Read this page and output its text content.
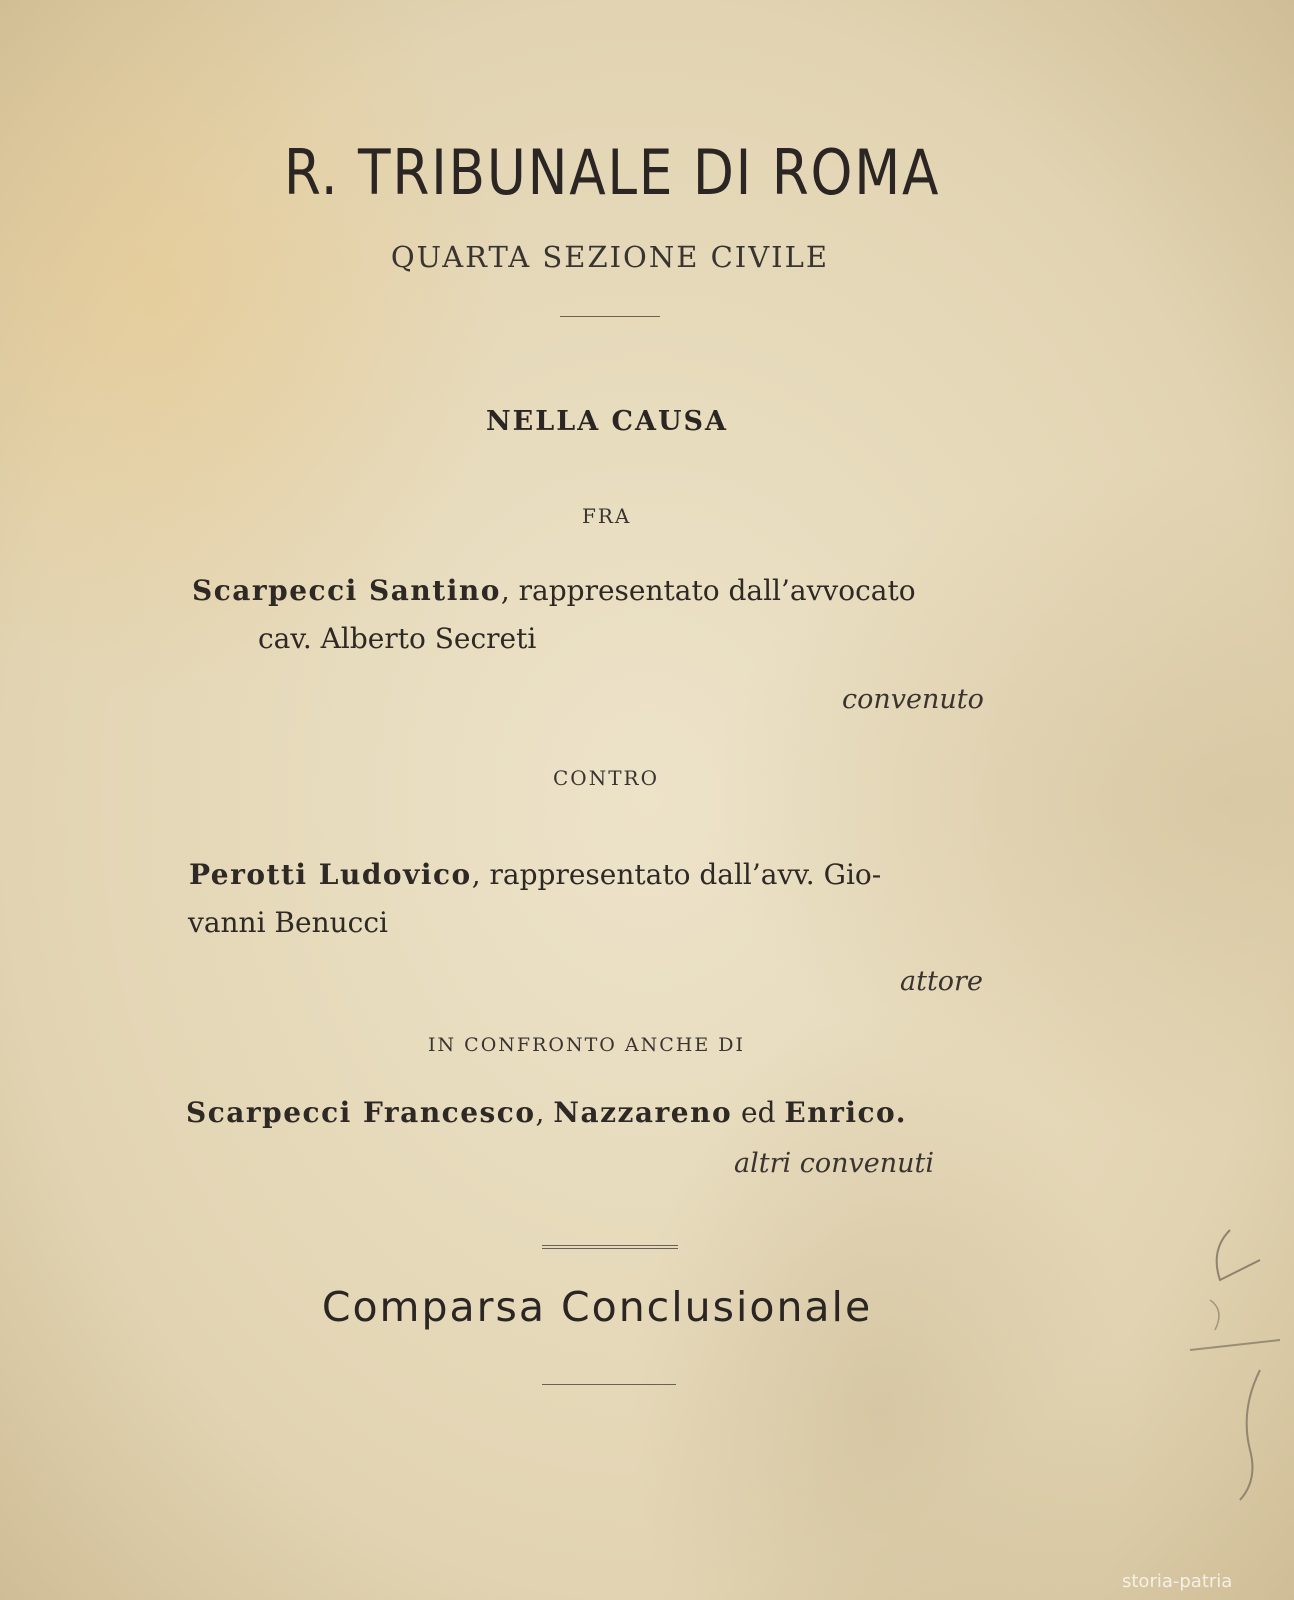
R. TRIBUNALE DI ROMA
QUARTA SEZIONE CIVILE
NELLA CAUSA
FRA
Scarpecci Santino, rappresentato dall’avvocato
cav. Alberto Secreti
convenuto
CONTRO
Perotti Ludovico, rappresentato dall’avv. Gio-
vanni Benucci
attore
IN CONFRONTO ANCHE DI
Scarpecci Francesco, Nazzareno ed Enrico.
altri convenuti
Comparsa Conclusionale
storia-patria
